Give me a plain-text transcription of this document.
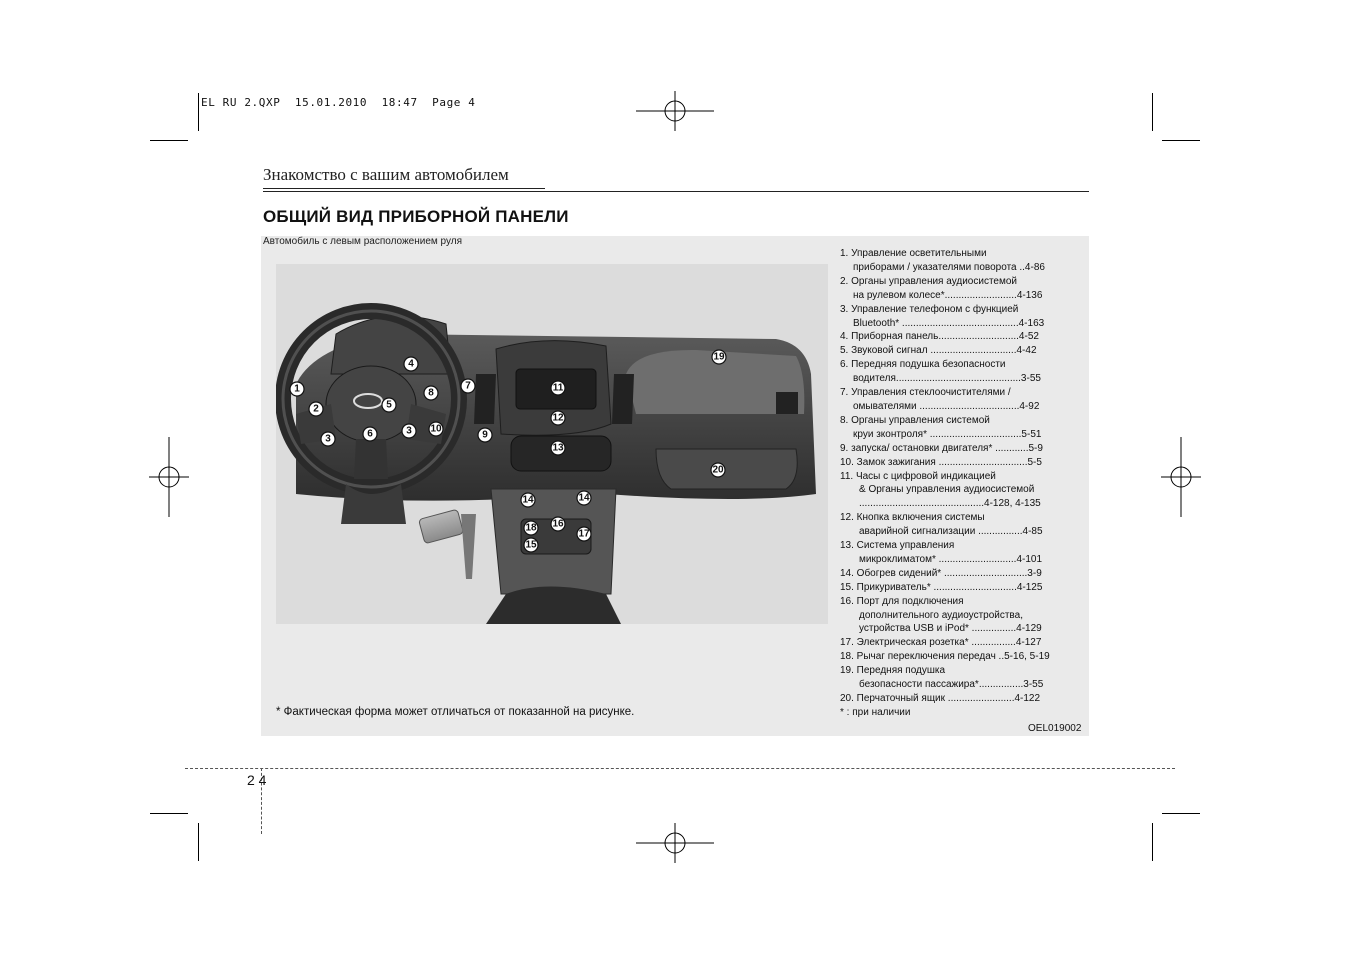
EL RU 2.QXP  15.01.2010  18:47  Page 4
Знакомство с вашим автомобилем
ОБЩИЙ ВИД ПРИБОРНОЙ ПАНЕЛИ
Автомобиль с левым расположением руля
1
2
3
4
5
6
7
8
3 10
9
11
12
13
14	14
18 16
15
17
19
20
* Фактическая форма может отличаться от показанной на рисунке.
1. Управление осветительными
приборами / указателями поворота ..4-86
2. Органы управления аудиосистемой
на рулевом колесе*..........................4-136
3. Управление телефоном с функцией
Bluetooth* ..........................................4-163
4. Приборная панель.............................4-52
5. Звуковой сигнал ...............................4-42
6. Передняя подушка безопасности
водителя.............................................3-55
7. Управления стеклоочистителями /
омывателями ....................................4-92
8. Органы управления системой
круи зконтроля* .................................5-51
9. запуска/ остановки двигателя* ............5-9
10. Замок зажигания ................................5-5
11. Часы с цифровой индикацией
& Органы управления аудиосистемой
.............................................4-128, 4-135
12. Кнопка включения системы
аварийной сигнализации ................4-85
13. Система управления
микроклиматом* ............................4-101
14. Обогрев сидений* ..............................3-9
15. Прикуриватель* ..............................4-125
16. Порт для подключения
дополнительного аудиоустройства,
устройства USB и iPod* ................4-129
17. Электрическая розетка* ................4-127
18. Рычаг переключения передач ..5-16, 5-19
19. Передняя подушка
безопасности пассажира*................3-55
20. Перчаточный ящик ........................4-122
* : при наличии
OEL019002
2 4
